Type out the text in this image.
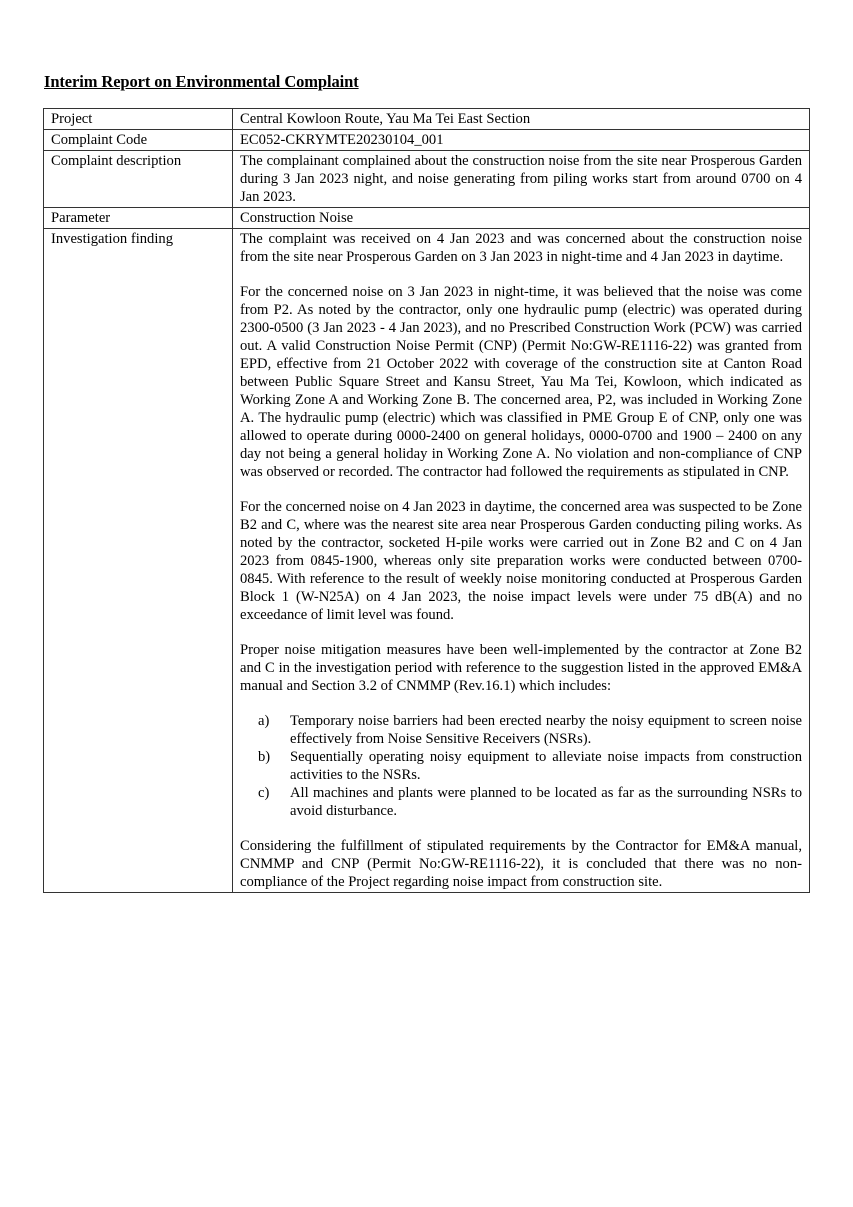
Interim Report on Environmental Complaint
Project	Central Kowloon Route, Yau Ma Tei East Section
Complaint Code	EC052-CKRYMTE20230104_001
Complaint description	The complainant complained about the construction noise from the site near Prosperous Garden during 3 Jan 2023 night, and noise generating from piling works start from around 0700 on 4 Jan 2023.
Parameter	Construction Noise
Investigation finding	The complaint was received on 4 Jan 2023 and was concerned about the construction noise from the site near Prosperous Garden on 3 Jan 2023 in night-time and 4 Jan 2023 in daytime.

For the concerned noise on 3 Jan 2023 in night-time, it was believed that the noise was come from P2. As noted by the contractor, only one hydraulic pump (electric) was operated during 2300-0500 (3 Jan 2023 - 4 Jan 2023), and no Prescribed Construction Work (PCW) was carried out. A valid Construction Noise Permit (CNP) (Permit No:GW-RE1116-22) was granted from EPD, effective from 21 October 2022 with coverage of the construction site at Canton Road between Public Square Street and Kansu Street, Yau Ma Tei, Kowloon, which indicated as Working Zone A and Working Zone B. The concerned area, P2, was included in Working Zone A. The hydraulic pump (electric) which was classified in PME Group E of CNP, only one was allowed to operate during 0000-2400 on general holidays, 0000-0700 and 1900 – 2400 on any day not being a general holiday in Working Zone A. No violation and non-compliance of CNP was observed or recorded. The contractor had followed the requirements as stipulated in CNP.

For the concerned noise on 4 Jan 2023 in daytime, the concerned area was suspected to be Zone B2 and C, where was the nearest site area near Prosperous Garden conducting piling works. As noted by the contractor, socketed H-pile works were carried out in Zone B2 and C on 4 Jan 2023 from 0845-1900, whereas only site preparation works were conducted between 0700-0845. With reference to the result of weekly noise monitoring conducted at Prosperous Garden Block 1 (W-N25A) on 4 Jan 2023, the noise impact levels were under 75 dB(A) and no exceedance of limit level was found.

Proper noise mitigation measures have been well-implemented by the contractor at Zone B2 and C in the investigation period with reference to the suggestion listed in the approved EM&A manual and Section 3.2 of CNMMP (Rev.16.1) which includes:

a)	Temporary noise barriers had been erected nearby the noisy equipment to screen noise effectively from Noise Sensitive Receivers (NSRs).
b)	Sequentially operating noisy equipment to alleviate noise impacts from construction activities to the NSRs.
c)	All machines and plants were planned to be located as far as the surrounding NSRs to avoid disturbance.

Considering the fulfillment of stipulated requirements by the Contractor for EM&A manual, CNMMP and CNP (Permit No:GW-RE1116-22), it is concluded that there was no non-compliance of the Project regarding noise impact from construction site.
